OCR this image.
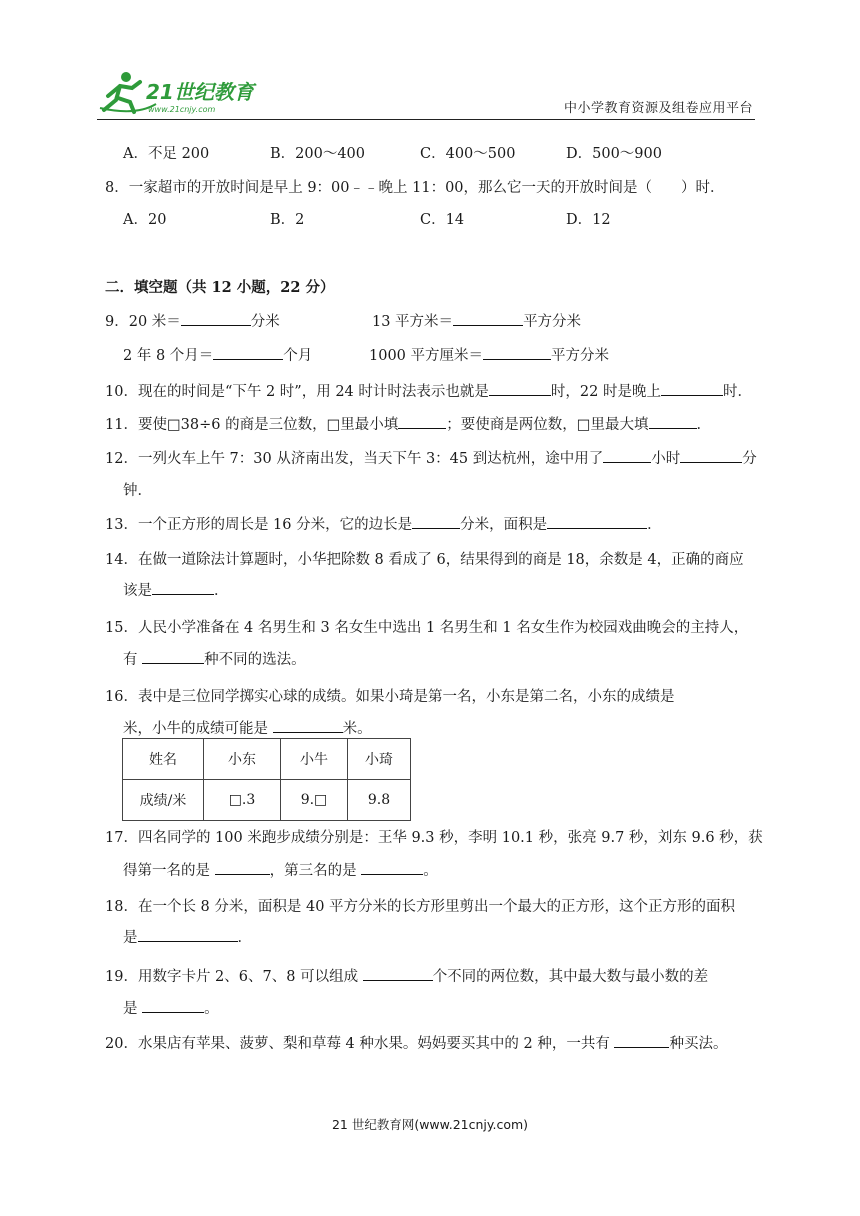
21世纪教育
www.21cnjy.com	中小学教育资源及组卷应用平台
A．不足 200	B．200～400	C．400～500	D．500～900
8．一家超市的开放时间是早上 9：00﹣﹣晚上 11：00，那么它一天的开放时间是（　　）时．
A．20	B．2	C．14	D．12
二．填空题（共 12 小题，22 分）
9．20 米＝	分米	13 平方米＝	平方分米
2 年 8 个月＝	个月	1000 平方厘米＝	平方分米
10．现在的时间是“下午 2 时”，用 24 时计时法表示也就是	时，22 时是晚上	时．
11．要使□38÷6 的商是三位数，□里最小填	；要使商是两位数，□里最大填	．
12．一列火车上午 7：30 从济南出发，当天下午 3：45 到达杭州，途中用了	小时	分
钟．
13．一个正方形的周长是 16 分米，它的边长是	分米，面积是	．
14．在做一道除法计算题时，小华把除数 8 看成了 6，结果得到的商是 18，余数是 4，正确的商应
该是	．
15．人民小学准备在 4 名男生和 3 名女生中选出 1 名男生和 1 名女生作为校园戏曲晚会的主持人，
有	种不同的选法。
16．表中是三位同学掷实心球的成绩。如果小琦是第一名，小东是第二名，小东的成绩是
米，小牛的成绩可能是	米。
17．四名同学的 100 米跑步成绩分别是：王华 9.3 秒，李明 10.1 秒，张亮 9.7 秒，刘东 9.6 秒，获
得第一名的是	，第三名的是	。
18．在一个长 8 分米，面积是 40 平方分米的长方形里剪出一个最大的正方形，这个正方形的面积
是	．
19．用数字卡片 2、6、7、8 可以组成	个不同的两位数，其中最大数与最小数的差
是	。
20．水果店有苹果、菠萝、梨和草莓 4 种水果。妈妈要买其中的 2 种，一共有	种买法。
姓名	小东	小牛	小琦
成绩/米	□.3	9.□	9.8
21 世纪教育网(www.21cnjy.com)
